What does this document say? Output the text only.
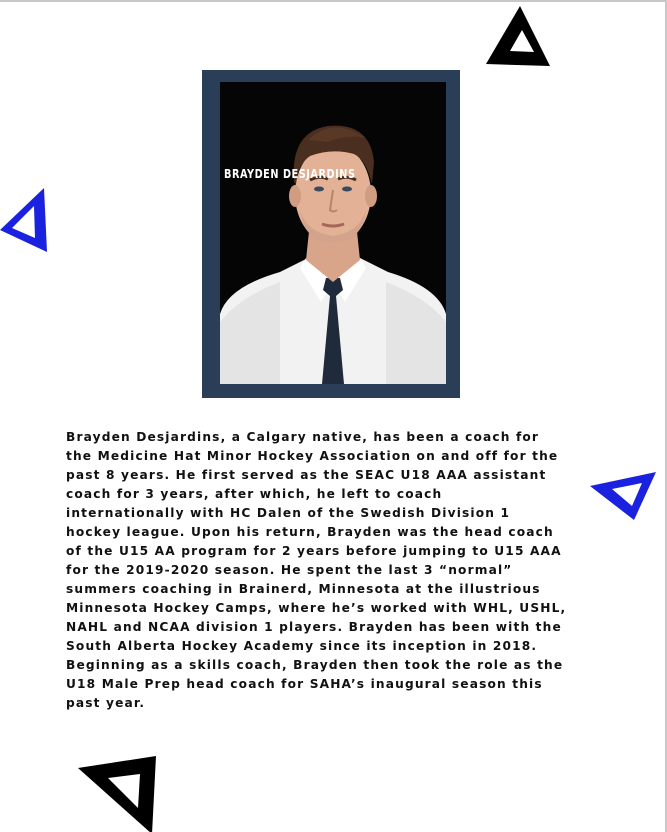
BRAYDEN DESJARDINS

Brayden Desjardins, a Calgary native, has been a coach for
the Medicine Hat Minor Hockey Association on and off for the
past 8 years. He first served as the SEAC U18 AAA assistant
coach for 3 years, after which, he left to coach
internationally with HC Dalen of the Swedish Division 1
hockey league. Upon his return, Brayden was the head coach
of the U15 AA program for 2 years before jumping to U15 AAA
for the 2019-2020 season. He spent the last 3 “normal”
summers coaching in Brainerd, Minnesota at the illustrious
Minnesota Hockey Camps, where he’s worked with WHL, USHL,
NAHL and NCAA division 1 players. Brayden has been with the
South Alberta Hockey Academy since its inception in 2018.
Beginning as a skills coach, Brayden then took the role as the
U18 Male Prep head coach for SAHA’s inaugural season this
past year.
